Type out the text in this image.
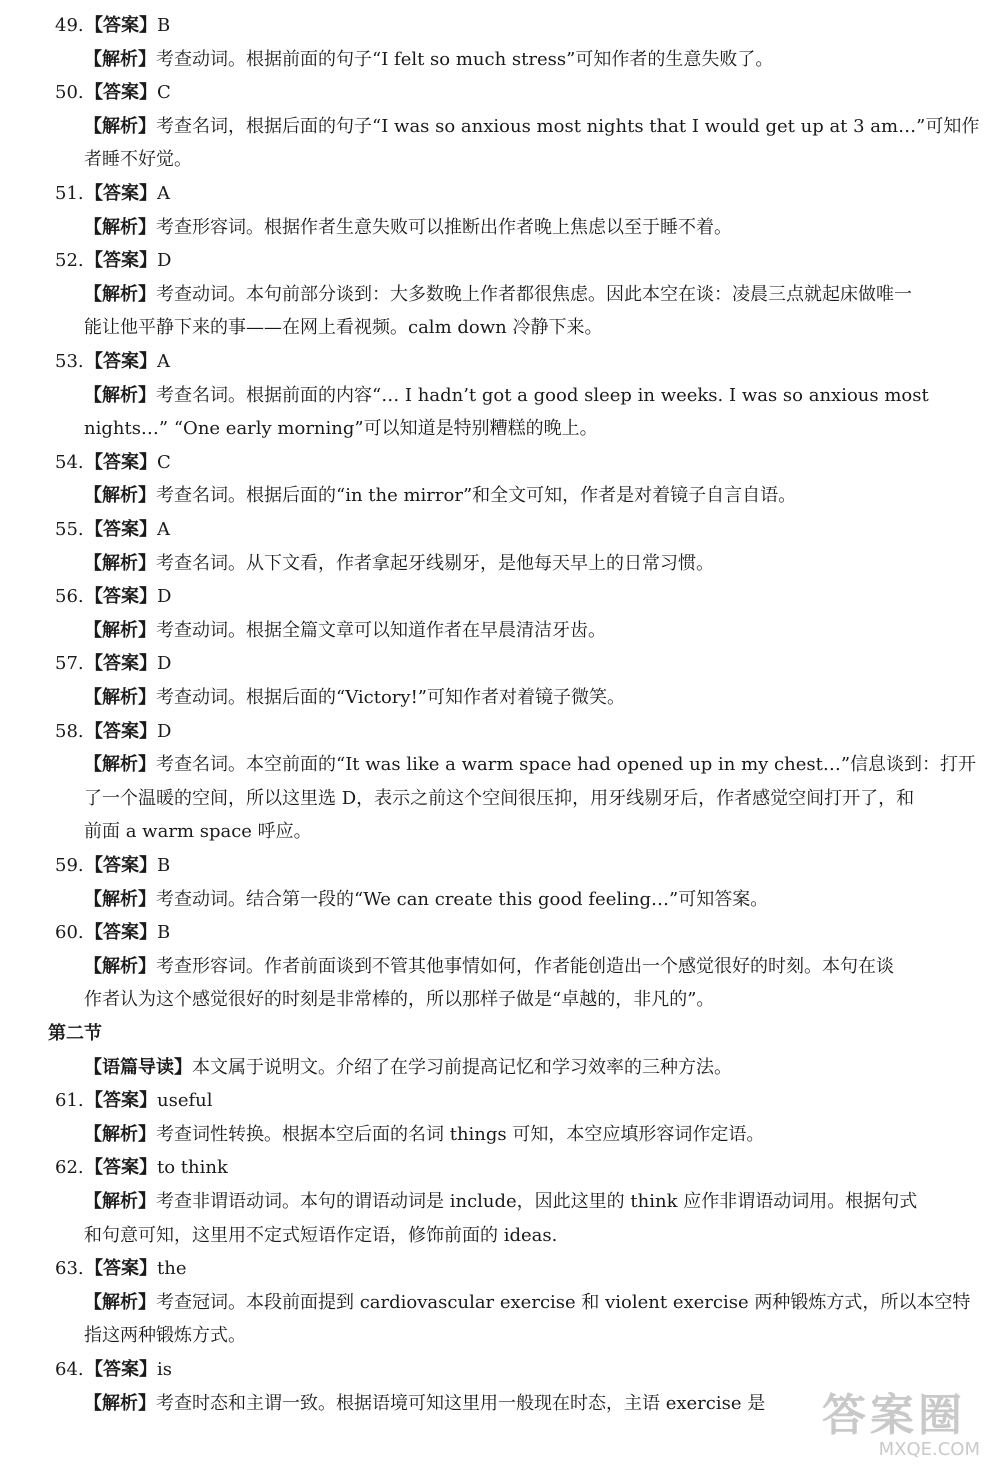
49.【答案】B
【解析】考查动词。根据前面的句子“I felt so much stress”可知作者的生意失败了。
50.【答案】C
【解析】考查名词，根据后面的句子“I was so anxious most nights that I would get up at 3 am…”可知作
者睡不好觉。
51.【答案】A
【解析】考查形容词。根据作者生意失败可以推断出作者晚上焦虑以至于睡不着。
52.【答案】D
【解析】考查动词。本句前部分谈到：大多数晚上作者都很焦虑。因此本空在谈：凌晨三点就起床做唯一
能让他平静下来的事——在网上看视频。calm down 冷静下来。
53.【答案】A
【解析】考查名词。根据前面的内容“… I hadn’t got a good sleep in weeks. I was so anxious most
nights…” “One early morning”可以知道是特别糟糕的晚上。
54.【答案】C
【解析】考查名词。根据后面的“in the mirror”和全文可知，作者是对着镜子自言自语。
55.【答案】A
【解析】考查名词。从下文看，作者拿起牙线剔牙，是他每天早上的日常习惯。
56.【答案】D
【解析】考查动词。根据全篇文章可以知道作者在早晨清洁牙齿。
57.【答案】D
【解析】考查动词。根据后面的“Victory!”可知作者对着镜子微笑。
58.【答案】D
【解析】考查名词。本空前面的“It was like a warm space had opened up in my chest…”信息谈到：打开
了一个温暖的空间，所以这里选 D，表示之前这个空间很压抑，用牙线剔牙后，作者感觉空间打开了，和
前面 a warm space 呼应。
59.【答案】B
【解析】考查动词。结合第一段的“We can create this good feeling…”可知答案。
60.【答案】B
【解析】考查形容词。作者前面谈到不管其他事情如何，作者能创造出一个感觉很好的时刻。本句在谈
作者认为这个感觉很好的时刻是非常棒的，所以那样子做是“卓越的，非凡的”。
第二节
【语篇导读】本文属于说明文。介绍了在学习前提高记忆和学习效率的三种方法。
61.【答案】useful
【解析】考查词性转换。根据本空后面的名词 things 可知，本空应填形容词作定语。
62.【答案】to think
【解析】考查非谓语动词。本句的谓语动词是 include，因此这里的 think 应作非谓语动词用。根据句式
和句意可知，这里用不定式短语作定语，修饰前面的 ideas.
63.【答案】the
【解析】考查冠词。本段前面提到 cardiovascular exercise 和 violent exercise 两种锻炼方式，所以本空特
指这两种锻炼方式。
64.【答案】is
【解析】考查时态和主谓一致。根据语境可知这里用一般现在时态，主语 exercise 是 答案圈
MXQE.COM
